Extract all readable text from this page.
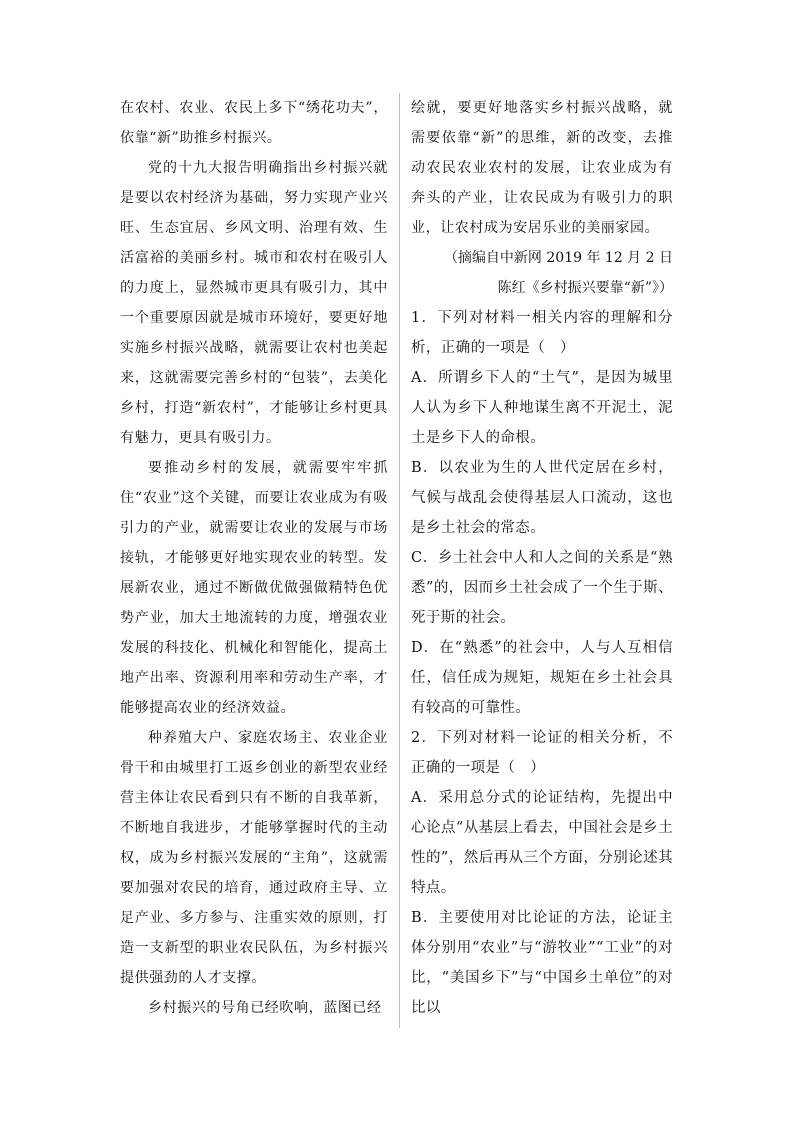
在农村、农业、农民上多下“绣花功夫”，依靠“新”助推乡村振兴。

党的十九大报告明确指出乡村振兴就是要以农村经济为基础，努力实现产业兴旺、生态宜居、乡风文明、治理有效、生活富裕的美丽乡村。城市和农村在吸引人的力度上，显然城市更具有吸引力，其中一个重要原因就是城市环境好，要更好地实施乡村振兴战略，就需要让农村也美起来，这就需要完善乡村的“包装”，去美化乡村，打造“新农村”，才能够让乡村更具有魅力，更具有吸引力。

要推动乡村的发展，就需要牢牢抓住“农业”这个关键，而要让农业成为有吸引力的产业，就需要让农业的发展与市场接轨，才能够更好地实现农业的转型。发展新农业，通过不断做优做强做精特色优势产业，加大土地流转的力度，增强农业发展的科技化、机械化和智能化，提高土地产出率、资源利用率和劳动生产率，才能够提高农业的经济效益。

种养殖大户、家庭农场主、农业企业骨干和由城里打工返乡创业的新型农业经营主体让农民看到只有不断的自我革新，不断地自我进步，才能够掌握时代的主动权，成为乡村振兴发展的“主角”，这就需要加强对农民的培育，通过政府主导、立足产业、多方参与、注重实效的原则，打造一支新型的职业农民队伍，为乡村振兴提供强劲的人才支撑。

乡村振兴的号角已经吹响，蓝图已经

绘就，要更好地落实乡村振兴战略，就需要依靠“新”的思维，新的改变，去推动农民农业农村的发展，让农业成为有奔头的产业，让农民成为有吸引力的职业，让农村成为安居乐业的美丽家园。

（摘编自中新网 2019 年 12 月 2 日陈红《乡村振兴要靠“新”》）

1．下列对材料一相关内容的理解和分析，正确的一项是（　）

A．所谓乡下人的“土气”，是因为城里人认为乡下人种地谋生离不开泥土，泥土是乡下人的命根。

B．以农业为生的人世代定居在乡村，气候与战乱会使得基层人口流动，这也是乡土社会的常态。

C．乡土社会中人和人之间的关系是“熟悉”的，因而乡土社会成了一个生于斯、死于斯的社会。

D．在“熟悉”的社会中，人与人互相信任，信任成为规矩，规矩在乡土社会具有较高的可靠性。

2．下列对材料一论证的相关分析，不正确的一项是（　）

A．采用总分式的论证结构，先提出中心论点“从基层上看去，中国社会是乡土性的”，然后再从三个方面，分别论述其特点。

B．主要使用对比论证的方法，论证主体分别用“农业”与“游牧业”“工业”的对比，“美国乡下”与“中国乡土单位”的对比以
